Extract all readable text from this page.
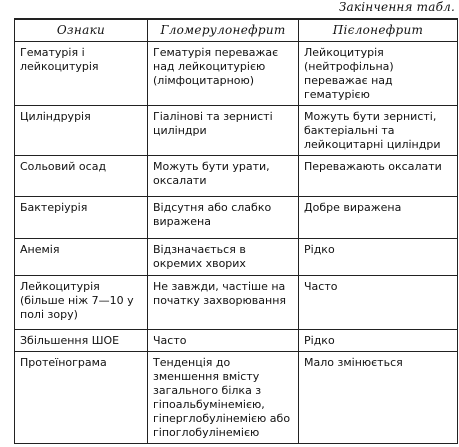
Закінчення табл.
Ознаки	Гломерулонефрит	Пієлонефрит
Гематурія і лейкоцитурія	Гематурія переважає над лейкоцитурією (лімфоцитарною)	Лейкоцитурія (нейтрофільна) переважає над гематурією
Циліндрурія	Гіалінові та зернисті циліндри	Можуть бути зернисті, бактеріальні та лейкоцитарні циліндри
Сольовий осад	Можуть бути урати, оксалати	Переважають оксалати
Бактеріурія	Відсутня або слабко виражена	Добре виражена
Анемія	Відзначається в окремих хворих	Рідко
Лейкоцитурія (більше ніж 7—10 у полі зору)	Не завжди, частіше на початку захворювання	Часто
Збільшення ШОЕ	Часто	Рідко
Протеїнограма	Тенденція до зменшення вмісту загального білка з гіпоальбумінемією, гіперглобулінемією або гіпоглобулінемією	Мало змінюється
